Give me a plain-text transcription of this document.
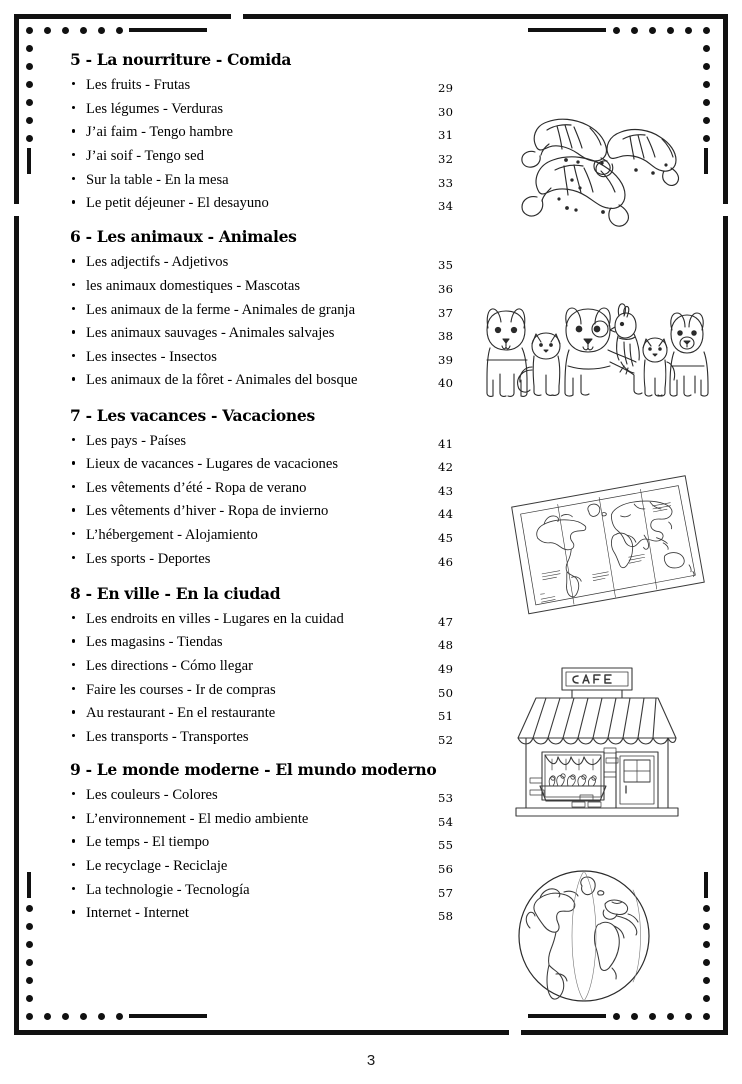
5 - La nourriture - Comida
Les fruits - Frutas	29
Les légumes - Verduras	30
J’ai faim - Tengo hambre	31
J’ai soif - Tengo sed	32
Sur la table - En la mesa	33
Le petit déjeuner - El desayuno	34
6 - Les animaux - Animales
Les adjectifs - Adjetivos	35
les animaux domestiques - Mascotas	36
Les animaux de la ferme - Animales de granja	37
Les animaux sauvages - Animales salvajes	38
Les insectes - Insectos	39
Les animaux de la fôret - Animales del bosque	40
7 - Les vacances - Vacaciones
Les pays - Países	41
Lieux de vacances - Lugares de vacaciones	42
Les vêtements d’été - Ropa de verano	43
Les vêtements d’hiver - Ropa de invierno	44
L’hébergement - Alojamiento	45
Les sports - Deportes	46
8 - En ville - En la ciudad
Les endroits en villes - Lugares en la cuidad	47
Les magasins - Tiendas	48
Les directions - Cómo llegar	49
Faire les courses - Ir de compras	50
Au restaurant - En el restaurante	51
Les transports - Transportes	52
9 - Le monde moderne - El mundo moderno
Les couleurs - Colores	53
L’environnement - El medio ambiente	54
Le temps - El tiempo	55
Le recyclage - Reciclaje	56
La technologie - Tecnología	57
Internet - Internet	58
3
